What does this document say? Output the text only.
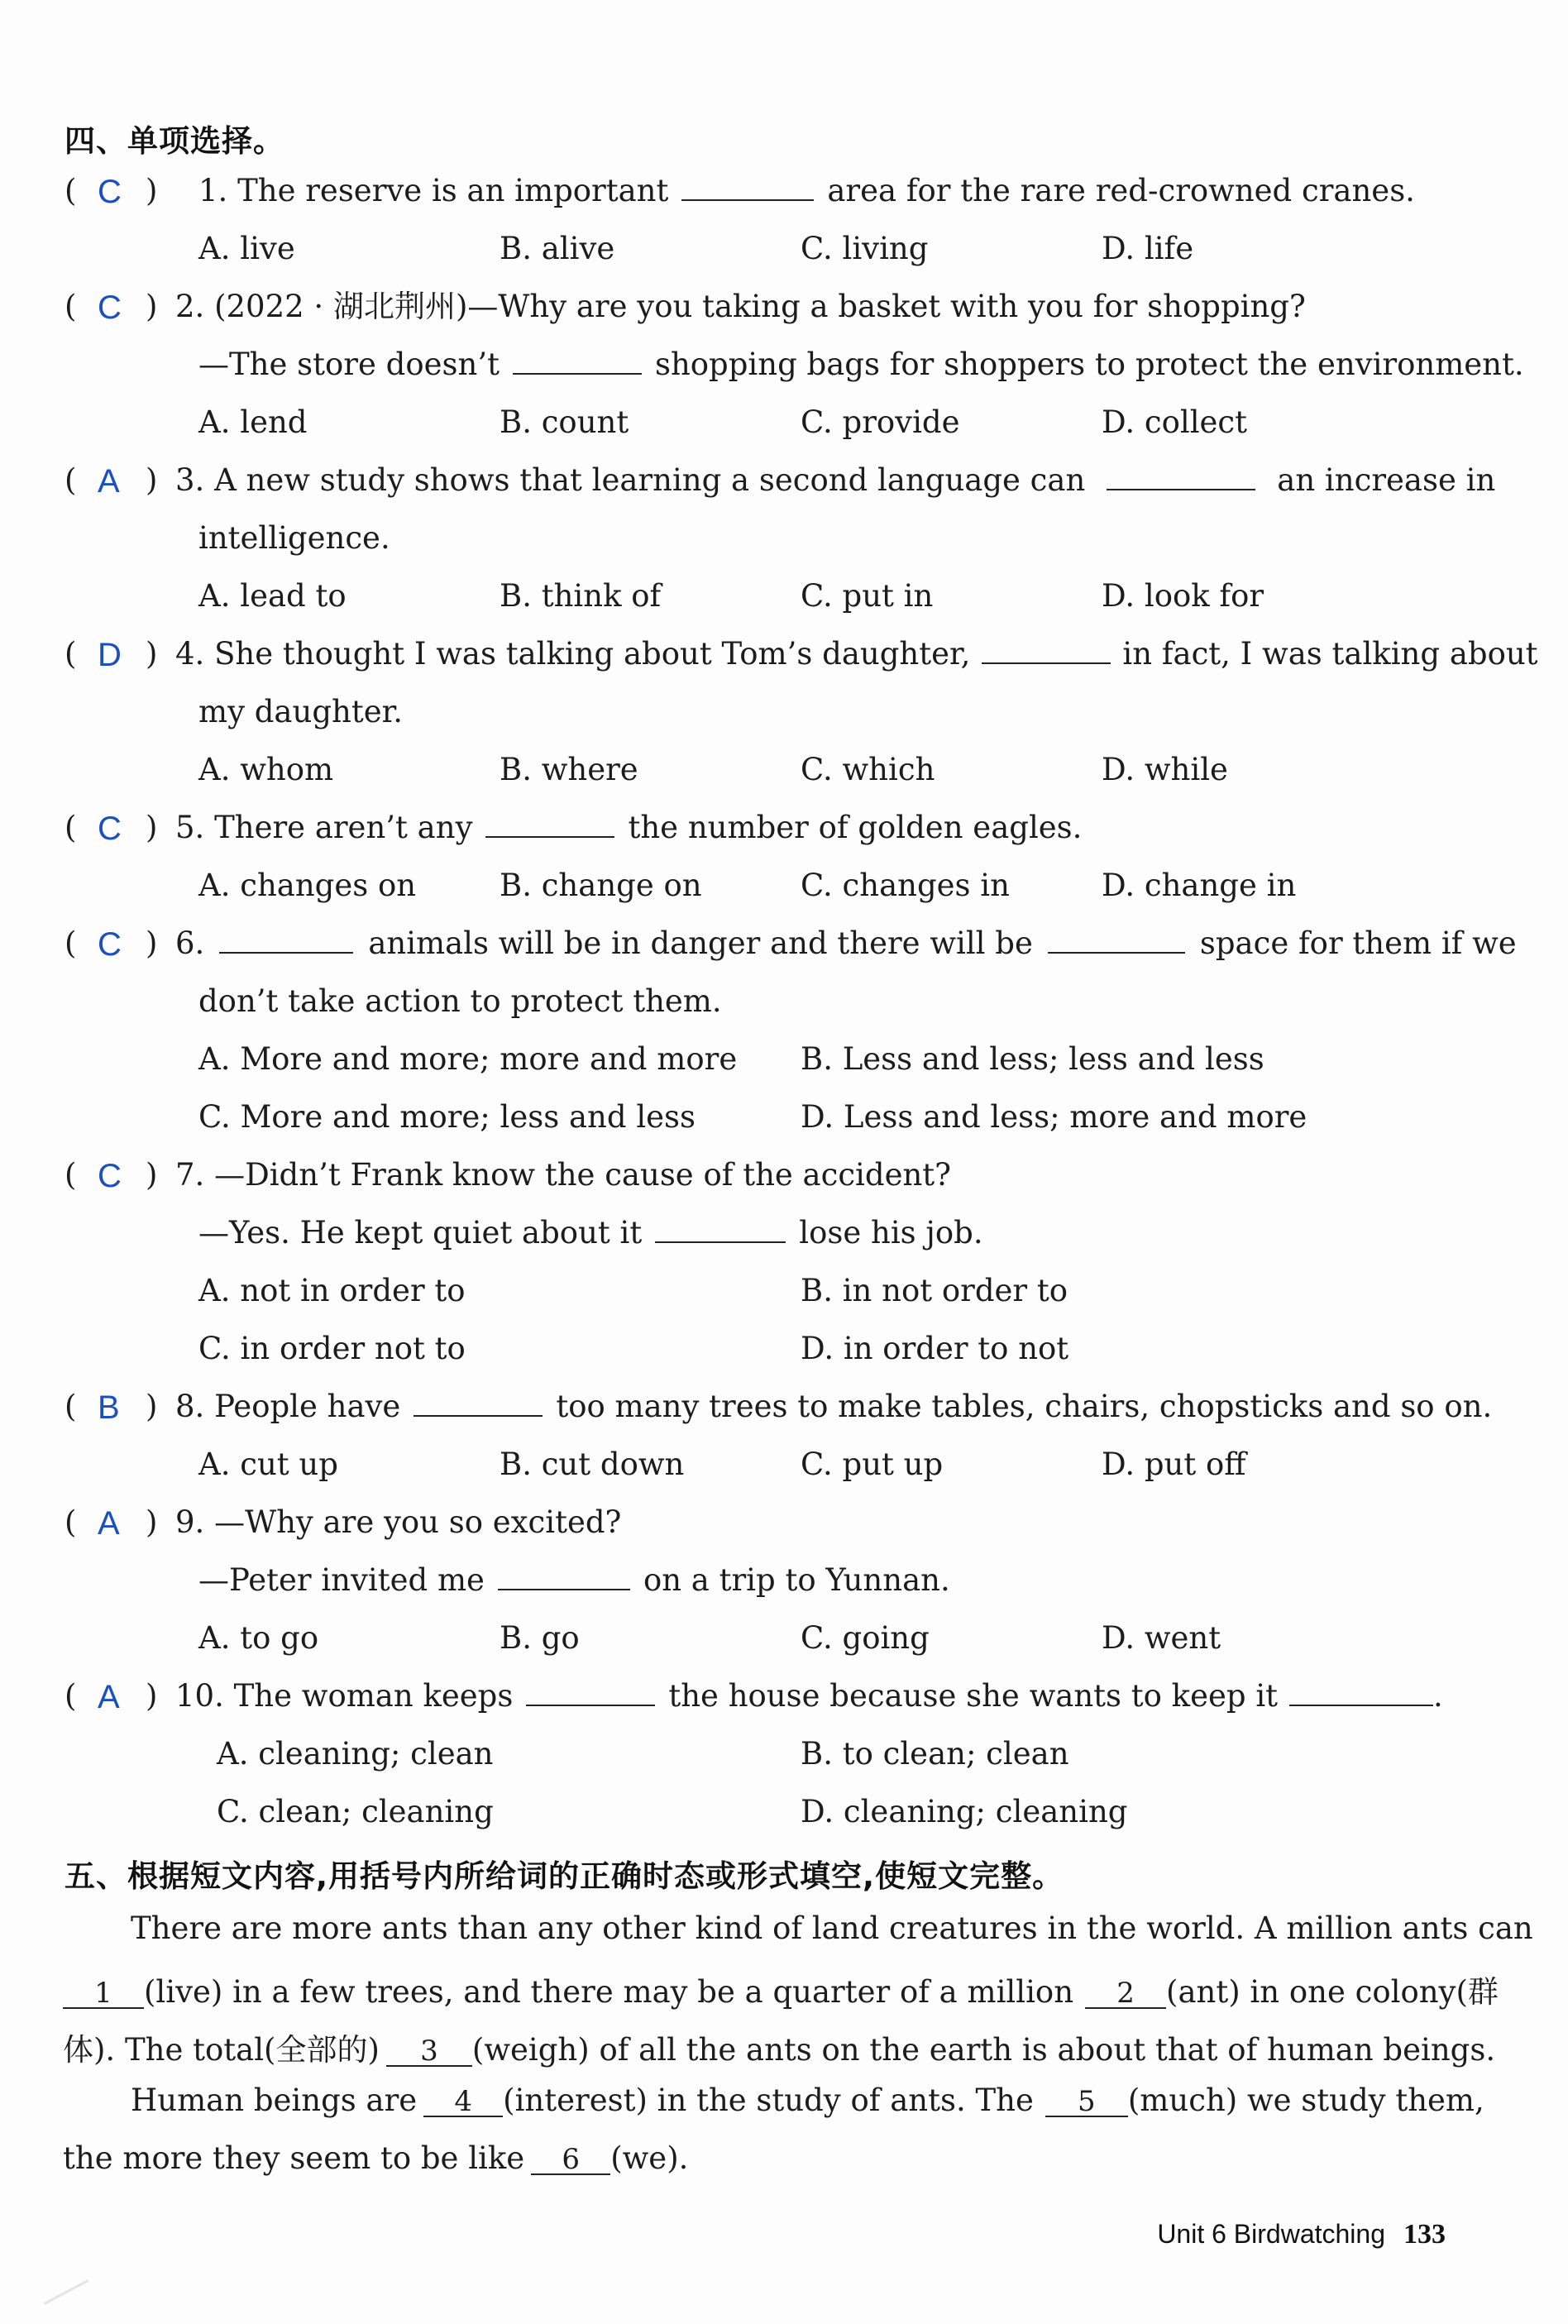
四、单项选择。
( C ) 1. The reserve is an important	area for the rare red-crowned cranes.
A. live	B. alive	C. living	D. life
( C ) 2. (2022 · 湖北荆州)—Why are you taking a basket with you for shopping?
—The store doesn’t	shopping bags for shoppers to protect the environment.
A. lend	B. count	C. provide	D. collect
( A ) 3. A new study shows that learning a second language can	an increase in
intelligence.
A. lead to	B. think of	C. put in	D. look for
( D ) 4. She thought I was talking about Tom’s daughter,	in fact, I was talking about
my daughter.
A. whom	B. where	C. which	D. while
( C ) 5. There aren’t any	the number of golden eagles.
A. changes on	B. change on	C. changes in	D. change in
( C ) 6.	animals will be in danger and there will be	space for them if we
don’t take action to protect them.
A. More and more; more and more B. Less and less; less and less
C. More and more; less and less	D. Less and less; more and more
( C ) 7. —Didn’t Frank know the cause of the accident?
—Yes. He kept quiet about it	lose his job.
A. not in order to	B. in not order to
C. in order not to	D. in order to not
( B ) 8. People have	too many trees to make tables, chairs, chopsticks and so on.
A. cut up	B. cut down	C. put up	D. put off
( A ) 9. —Why are you so excited?
—Peter invited me	on a trip to Yunnan.
A. to go	B. go	C. going	D. went
( A ) 10. The woman keeps	the house because she wants to keep it	.
A. cleaning; clean	B. to clean; clean
C. clean; cleaning	D. cleaning; cleaning
五、根据短文内容,用括号内所给词的正确时态或形式填空,使短文完整。
There are more ants than any other kind of land creatures in the world. A million ants can
1 (live) in a few trees, and there may be a quarter of a million 2 (ant) in one colony(群
体). The total(全部的) 3 (weigh) of all the ants on the earth is about that of human beings.
Human beings are 4 (interest) in the study of ants. The 5 (much) we study them,
the more they seem to be like 6 (we).
Unit 6 Birdwatching 133
